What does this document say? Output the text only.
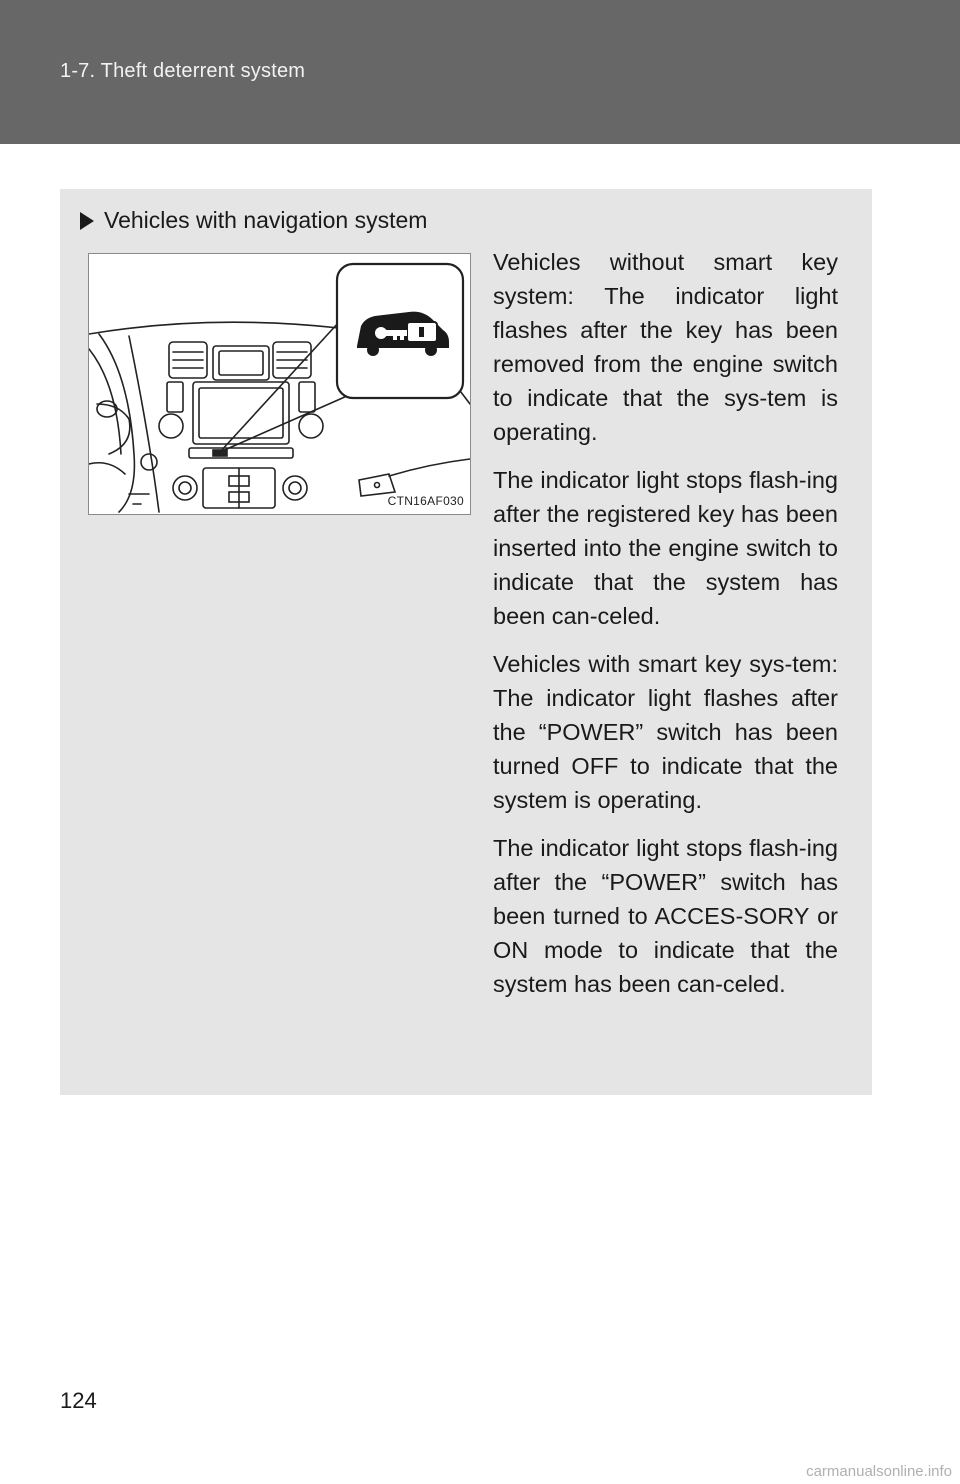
1-7. Theft deterrent system
Vehicles with navigation system
CTN16AF030

Vehicles without smart key system: The indicator light flashes after the key has been removed from the engine switch to indicate that the sys-tem is operating.

The indicator light stops flash-ing after the registered key has been inserted into the engine switch to indicate that the system has been can-celed.

Vehicles with smart key sys-tem: The indicator light flashes after the “POWER” switch has been turned OFF to indicate that the system is operating.

The indicator light stops flash-ing after the “POWER” switch has been turned to ACCES-SORY or ON mode to indicate that the system has been can-celed.

124
carmanualsonline.info
